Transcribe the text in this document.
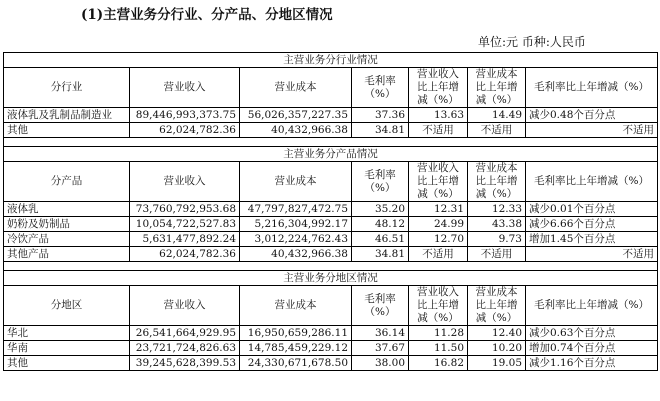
(1)主营业务分行业、分产品、分地区情况
单位:元 币种:人民币
主营业务分行业情况						
分行业	营业收入	营业成本	毛利率（%）	营业收入比上年增减（%）	营业成本比上年增减（%）	毛利率比上年增减（%）
液体乳及乳制品制造业	89,446,993,373.75	56,026,357,227.35	37.36	13.63	14.49	减少0.48个百分点
其他	62,024,782.36	40,432,966.38	34.81	不适用	不适用	不适用

主营业务分产品情况						
分产品	营业收入	营业成本	毛利率（%）	营业收入比上年增减（%）	营业成本比上年增减（%）	毛利率比上年增减（%）
液体乳	73,760,792,953.68	47,797,827,472.75	35.20	12.31	12.33	减少0.01个百分点
奶粉及奶制品	10,054,722,527.83	5,216,304,992.17	48.12	24.99	43.38	减少6.66个百分点
冷饮产品	5,631,477,892.24	3,012,224,762.43	46.51	12.70	9.73	增加1.45个百分点
其他产品	62,024,782.36	40,432,966.38	34.81	不适用	不适用	不适用

主营业务分地区情况						
分地区	营业收入	营业成本	毛利率（%）	营业收入比上年增减（%）	营业成本比上年增减（%）	毛利率比上年增减（%）
华北	26,541,664,929.95	16,950,659,286.11	36.14	11.28	12.40	减少0.63个百分点
华南	23,721,724,826.63	14,785,459,229.12	37.67	11.50	10.20	增加0.74个百分点
其他	39,245,628,399.53	24,330,671,678.50	38.00	16.82	19.05	减少1.16个百分点
